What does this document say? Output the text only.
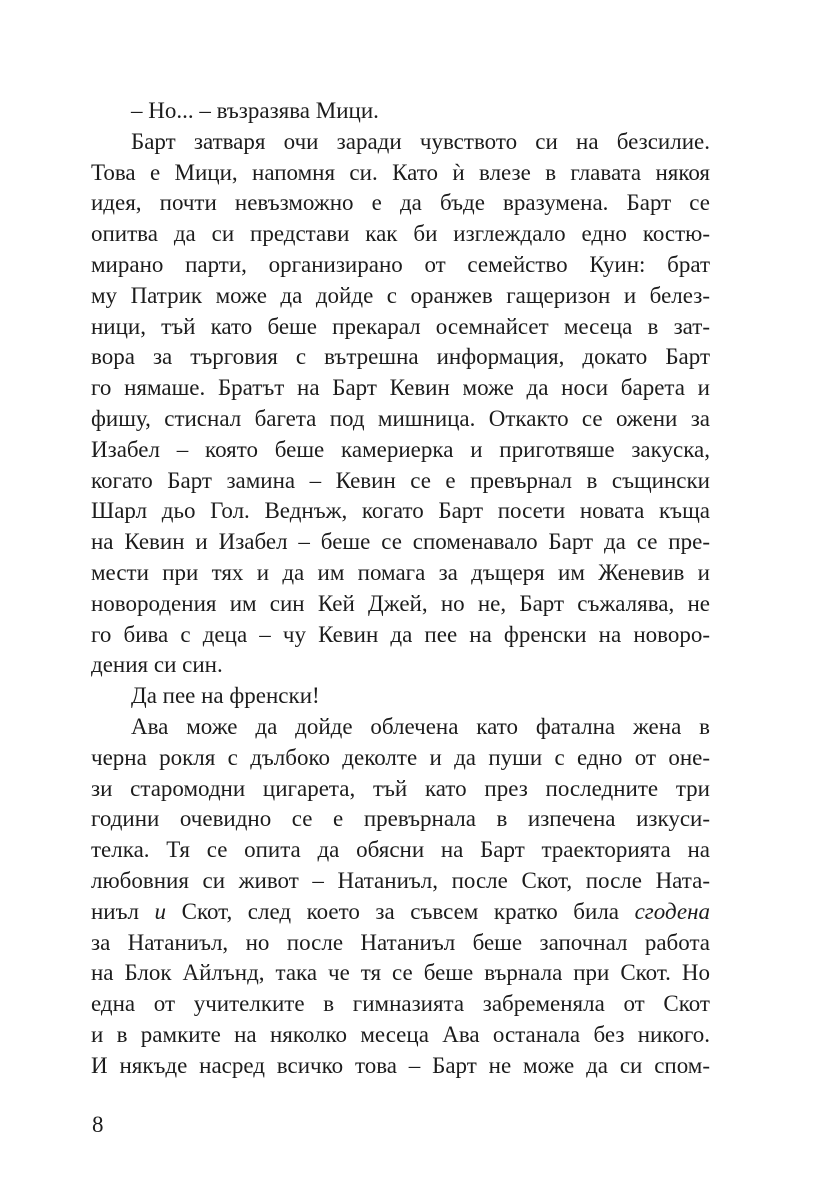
– Но... – възразява Мици.
Барт затваря очи заради чувството си на безсилие.
Това е Мици, напомня си. Като ѝ влезе в главата някоя
идея, почти невъзможно е да бъде вразумена. Барт се
опитва да си представи как би изглеждало едно костю-
мирано парти, организирано от семейство Куин: брат
му Патрик може да дойде с оранжев гащеризон и белез-
ници, тъй като беше прекарал осемнайсет месеца в зат-
вора за търговия с вътрешна информация, докато Барт
го нямаше. Братът на Барт Кевин може да носи барета и
фишу, стиснал багета под мишница. Откакто се ожени за
Изабел – която беше камериерка и приготвяше закуска,
когато Барт замина – Кевин се е превърнал в същински
Шарл дьо Гол. Веднъж, когато Барт посети новата къща
на Кевин и Изабел – беше се споменавало Барт да се пре-
мести при тях и да им помага за дъщеря им Женевив и
новородения им син Кей Джей, но не, Барт съжалява, не
го бива с деца – чу Кевин да пее на френски на новоро-
дения си син.
Да пее на френски!
Ава може да дойде облечена като фатална жена в
черна рокля с дълбоко деколте и да пуши с едно от оне-
зи старомодни цигарета, тъй като през последните три
години очевидно се е превърнала в изпечена изкуси-
телка. Тя се опита да обясни на Барт траекторията на
любовния си живот – Натаниъл, после Скот, после Ната-
ниъл и Скот, след което за съвсем кратко била сгодена
за Натаниъл, но после Натаниъл беше започнал работа
на Блок Айлънд, така че тя се беше върнала при Скот. Но
една от учителките в гимназията забременяла от Скот
и в рамките на няколко месеца Ава останала без никого.
И някъде насред всичко това – Барт не може да си спом-
8
